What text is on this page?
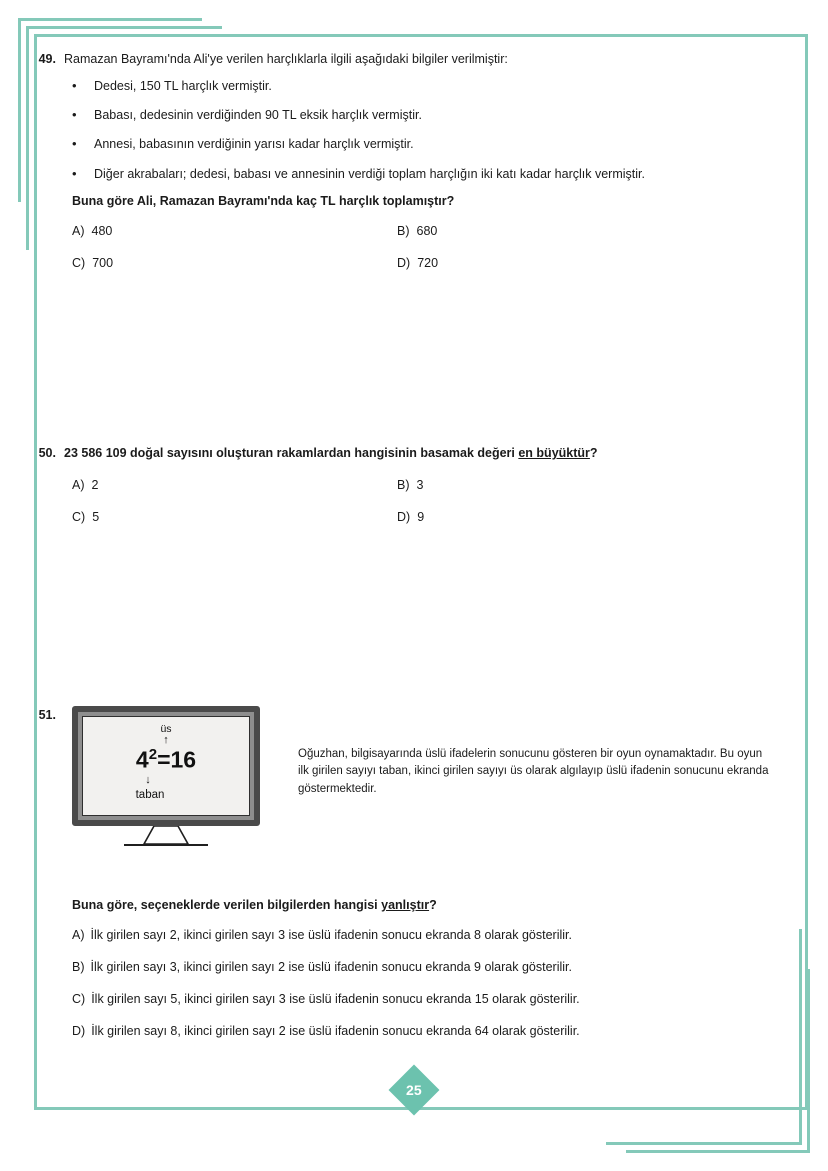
49. Ramazan Bayramı'nda Ali'ye verilen harçlıklarla ilgili aşağıdaki bilgiler verilmiştir:
•	Dedesi, 150 TL harçlık vermiştir.
•	Babası, dedesinin verdiğinden 90 TL eksik harçlık vermiştir.
•	Annesi, babasının verdiğinin yarısı kadar harçlık vermiştir.
•	Diğer akrabaları; dedesi, babası ve annesinin verdiği toplam harçlığın iki katı kadar harçlık vermiştir.
Buna göre Ali, Ramazan Bayramı'nda kaç TL harçlık toplamıştır?
A) 480	B) 680
C) 700	D) 720
50. 23 586 109 doğal sayısını oluşturan rakamlardan hangisinin basamak değeri en büyüktür?
A) 2	B) 3
C) 5	D) 9
51.
üs
↑
$4^2=16$
↓
taban
Oğuzhan, bilgisayarında üslü ifadelerin sonucunu gösteren bir oyun oynamaktadır. Bu oyun ilk girilen sayıyı taban, ikinci girilen sayıyı üs olarak algılayıp üslü ifadenin sonucunu ekranda göstermektedir.
Buna göre, seçeneklerde verilen bilgilerden hangisi yanlıştır?
A) İlk girilen sayı 2, ikinci girilen sayı 3 ise üslü ifadenin sonucu ekranda 8 olarak gösterilir.
B) İlk girilen sayı 3, ikinci girilen sayı 2 ise üslü ifadenin sonucu ekranda 9 olarak gösterilir.
C) İlk girilen sayı 5, ikinci girilen sayı 3 ise üslü ifadenin sonucu ekranda 15 olarak gösterilir.
D) İlk girilen sayı 8, ikinci girilen sayı 2 ise üslü ifadenin sonucu ekranda 64 olarak gösterilir.
25
